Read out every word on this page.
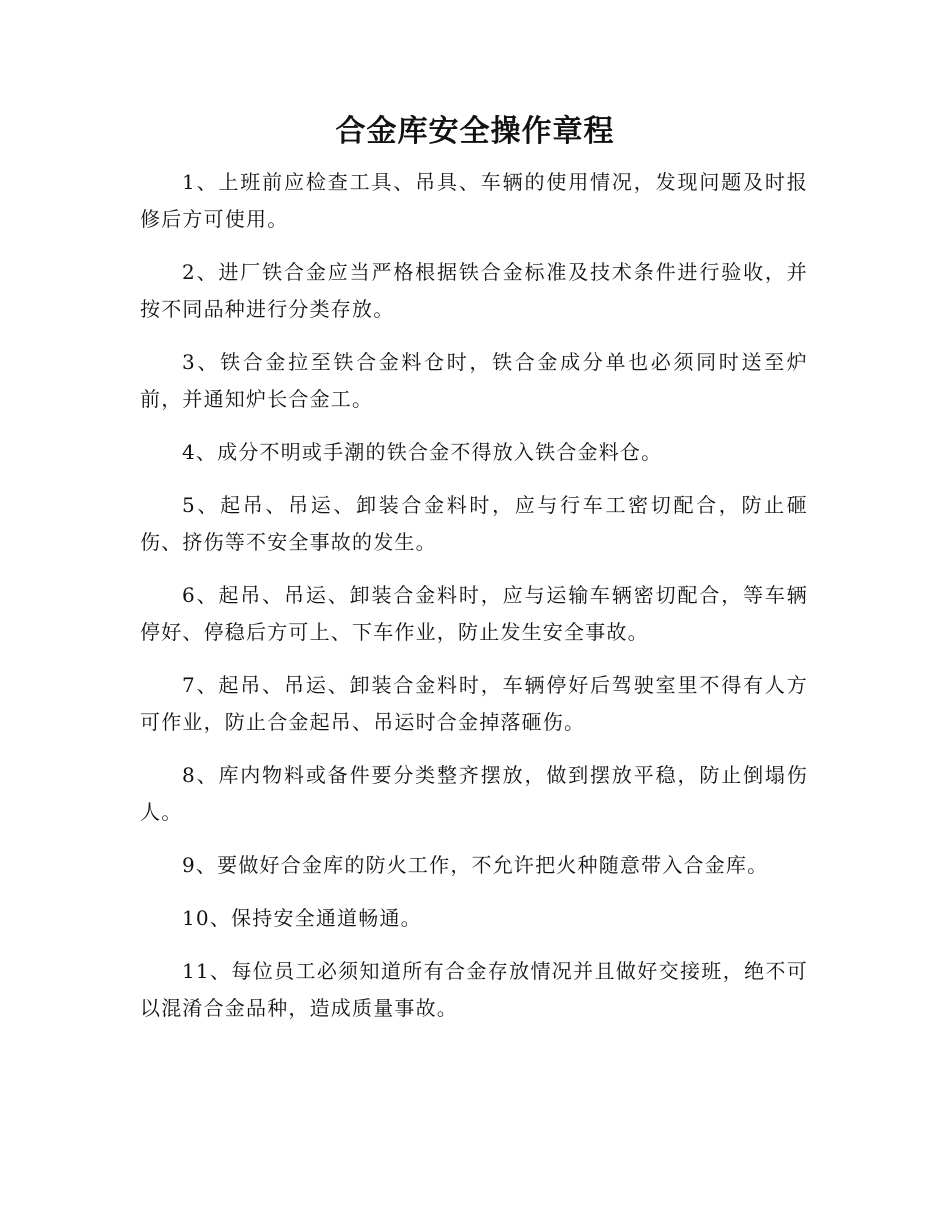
合金库安全操作章程

1、上班前应检查工具、吊具、车辆的使用情况，发现问题及时报修后方可使用。

2、进厂铁合金应当严格根据铁合金标准及技术条件进行验收，并按不同品种进行分类存放。

3、铁合金拉至铁合金料仓时，铁合金成分单也必须同时送至炉前，并通知炉长合金工。

4、成分不明或手潮的铁合金不得放入铁合金料仓。

5、起吊、吊运、卸装合金料时，应与行车工密切配合，防止砸伤、挤伤等不安全事故的发生。

6、起吊、吊运、卸装合金料时，应与运输车辆密切配合，等车辆停好、停稳后方可上、下车作业，防止发生安全事故。

7、起吊、吊运、卸装合金料时，车辆停好后驾驶室里不得有人方可作业，防止合金起吊、吊运时合金掉落砸伤。

8、库内物料或备件要分类整齐摆放，做到摆放平稳，防止倒塌伤人。

9、要做好合金库的防火工作，不允许把火种随意带入合金库。

10、保持安全通道畅通。

11、每位员工必须知道所有合金存放情况并且做好交接班，绝不可以混淆合金品种，造成质量事故。
